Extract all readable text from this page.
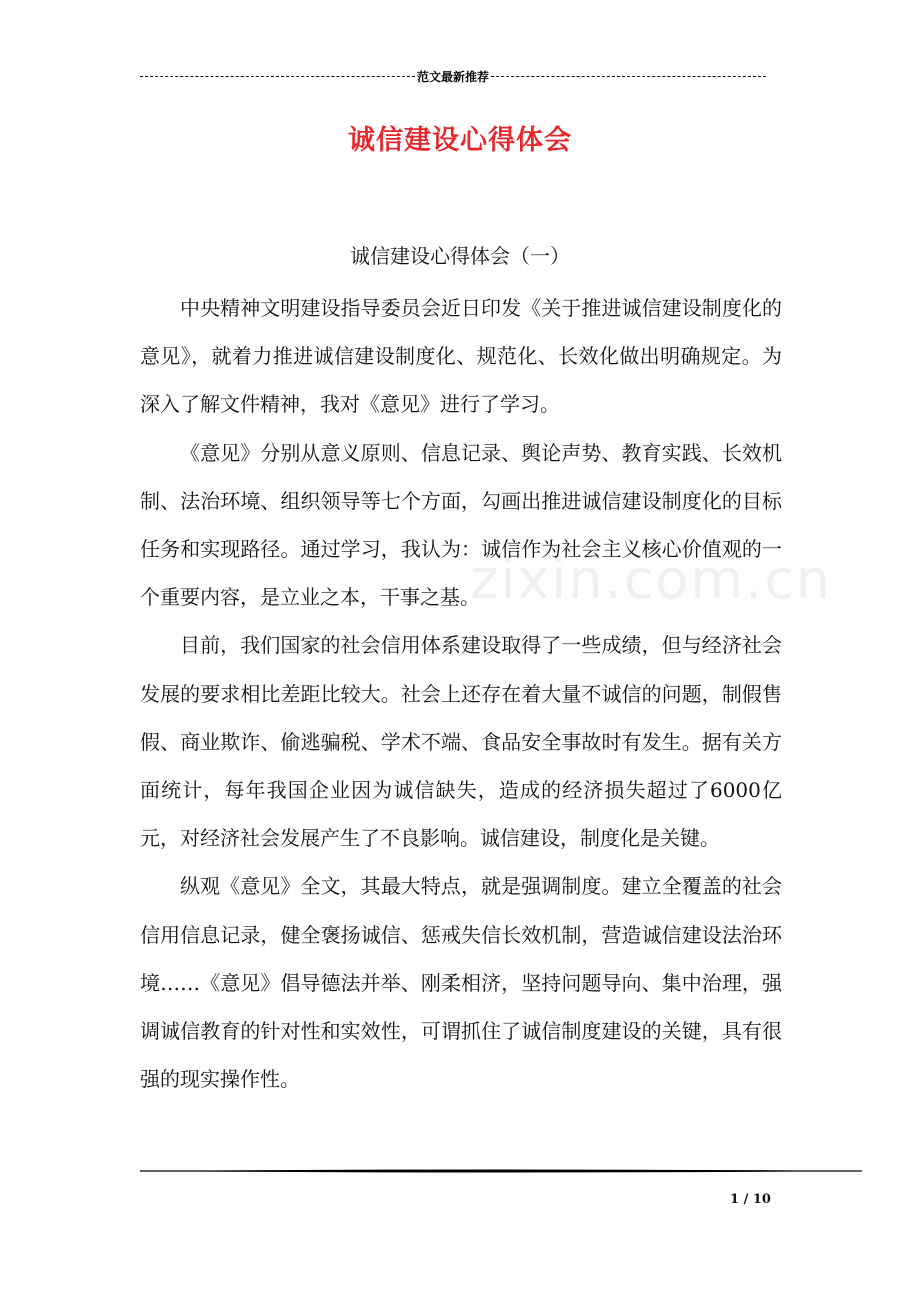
范文最新推荐
诚信建设心得体会
诚信建设心得体会（一）

中央精神文明建设指导委员会近日印发《关于推进诚信建设制度化的意见》，就着力推进诚信建设制度化、规范化、长效化做出明确规定。为深入了解文件精神，我对《意见》进行了学习。

《意见》分别从意义原则、信息记录、舆论声势、教育实践、长效机制、法治环境、组织领导等七个方面，勾画出推进诚信建设制度化的目标任务和实现路径。通过学习，我认为：诚信作为社会主义核心价值观的一个重要内容，是立业之本，干事之基。

目前，我们国家的社会信用体系建设取得了一些成绩，但与经济社会发展的要求相比差距比较大。社会上还存在着大量不诚信的问题，制假售假、商业欺诈、偷逃骗税、学术不端、食品安全事故时有发生。据有关方面统计，每年我国企业因为诚信缺失，造成的经济损失超过了6000亿元，对经济社会发展产生了不良影响。诚信建设，制度化是关键。

纵观《意见》全文，其最大特点，就是强调制度。建立全覆盖的社会信用信息记录，健全褒扬诚信、惩戒失信长效机制，营造诚信建设法治环境……《意见》倡导德法并举、刚柔相济，坚持问题导向、集中治理，强调诚信教育的针对性和实效性，可谓抓住了诚信制度建设的关键，具有很强的现实操作性。

zixin.com.cn
1 / 10
